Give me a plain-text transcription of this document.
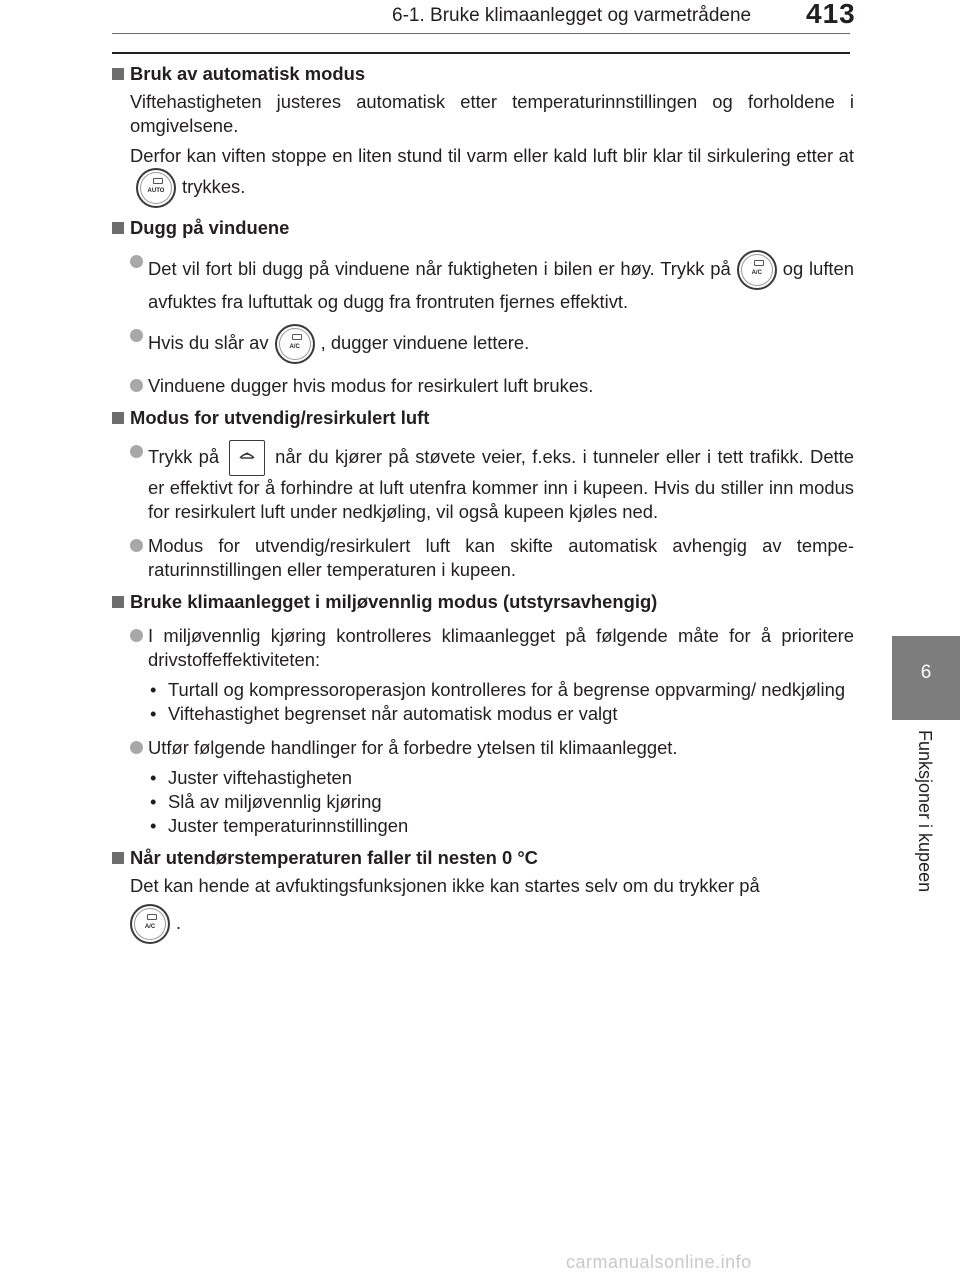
6-1. Bruke klimaanlegget og varmetrådene 413
6
Funksjoner i kupeen
Bruk av automatisk modus
Viftehastigheten justeres automatisk etter temperaturinnstillingen og forholdene i omgivelsene.
Derfor kan viften stoppe en liten stund til varm eller kald luft blir klar til sirkulering etter at
AUTO trykkes.
Dugg på vinduene
Det vil fort bli dugg på vinduene når fuktigheten i bilen er høy. Trykk på	A/C	og luften avfuktes fra luftuttak og dugg fra frontruten fjernes effektivt.
Hvis du slår av	A/C	, dugger vinduene lettere.
Vinduene dugger hvis modus for resirkulert luft brukes.
Modus for utvendig/resirkulert luft
Trykk på	når du kjører på støvete veier, f.eks. i tunneler eller i tett trafikk. Dette er effektivt for å forhindre at luft utenfra kommer inn i kupeen. Hvis du stiller inn modus for resirkulert luft under nedkjøling, vil også kupeen kjøles ned.
Modus for utvendig/resirkulert luft kan skifte automatisk avhengig av temperaturinnstillingen eller temperaturen i kupeen.
Bruke klimaanlegget i miljøvennlig modus (utstyrsavhengig)
I miljøvennlig kjøring kontrolleres klimaanlegget på følgende måte for å prioritere drivstoffeffektiviteten:
• Turtall og kompressoroperasjon kontrolleres for å begrense oppvarming/ nedkjøling
• Viftehastighet begrenset når automatisk modus er valgt
Utfør følgende handlinger for å forbedre ytelsen til klimaanlegget.
• Juster viftehastigheten
• Slå av miljøvennlig kjøring
• Juster temperaturinnstillingen
Når utendørstemperaturen faller til nesten 0 °C
Det kan hende at avfuktingsfunksjonen ikke kan startes selv om du trykker på
A/C	.
carmanualsonline.info
